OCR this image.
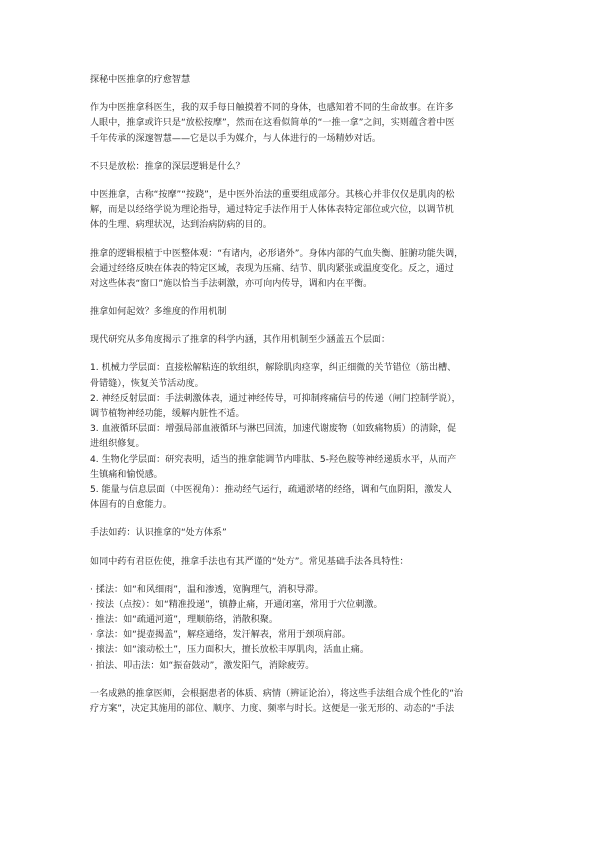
探秘中医推拿的疗愈智慧
作为中医推拿科医生，我的双手每日触摸着不同的身体，也感知着不同的生命故事。在许多
人眼中，推拿或许只是“放松按摩”，然而在这看似简单的“一推一拿”之间，实则蕴含着中医
千年传承的深邃智慧——它是以手为媒介，与人体进行的一场精妙对话。
不只是放松：推拿的深层逻辑是什么？
中医推拿，古称“按摩”“按跷”，是中医外治法的重要组成部分。其核心并非仅仅是肌肉的松
解，而是以经络学说为理论指导，通过特定手法作用于人体体表特定部位或穴位，以调节机
体的生理、病理状况，达到治病防病的目的。
推拿的逻辑根植于中医整体观：“有诸内，必形诸外”。身体内部的气血失衡、脏腑功能失调，
会通过经络反映在体表的特定区域，表现为压痛、结节、肌肉紧张或温度变化。反之，通过
对这些体表“窗口”施以恰当手法刺激，亦可向内传导，调和内在平衡。
推拿如何起效？多维度的作用机制
现代研究从多角度揭示了推拿的科学内涵，其作用机制至少涵盖五个层面：
1. 机械力学层面：直接松解粘连的软组织，解除肌肉痉挛，纠正细微的关节错位（筋出槽、
骨错缝），恢复关节活动度。
2. 神经反射层面：手法刺激体表，通过神经传导，可抑制疼痛信号的传递（闸门控制学说），
调节植物神经功能，缓解内脏性不适。
3. 血液循环层面：增强局部血液循环与淋巴回流，加速代谢废物（如致痛物质）的清除，促
进组织修复。
4. 生物化学层面：研究表明，适当的推拿能调节内啡肽、5-羟色胺等神经递质水平，从而产
生镇痛和愉悦感。
5. 能量与信息层面（中医视角）：推动经气运行，疏通淤堵的经络，调和气血阴阳，激发人
体固有的自愈能力。
手法如药：认识推拿的“处方体系”
如同中药有君臣佐使，推拿手法也有其严谨的“处方”。常见基础手法各具特性：
· 揉法：如“和风细雨”，温和渗透，宽胸理气，消积导滞。
· 按法（点按）：如“精准投递”，镇静止痛，开通闭塞，常用于穴位刺激。
· 推法：如“疏通河道”，理顺筋络，消散积聚。
· 拿法：如“提壶揭盖”，解痉通络，发汗解表，常用于颈项肩部。
· 㨰法：如“滚动松土”，压力面积大，擅长放松丰厚肌肉，活血止痛。
· 拍法、叩击法：如“振奋鼓动”，激发阳气，消除疲劳。
一名成熟的推拿医师，会根据患者的体质、病情（辨证论治），将这些手法组合成个性化的“治
疗方案”，决定其施用的部位、顺序、力度、频率与时长。这便是一张无形的、动态的“手法
